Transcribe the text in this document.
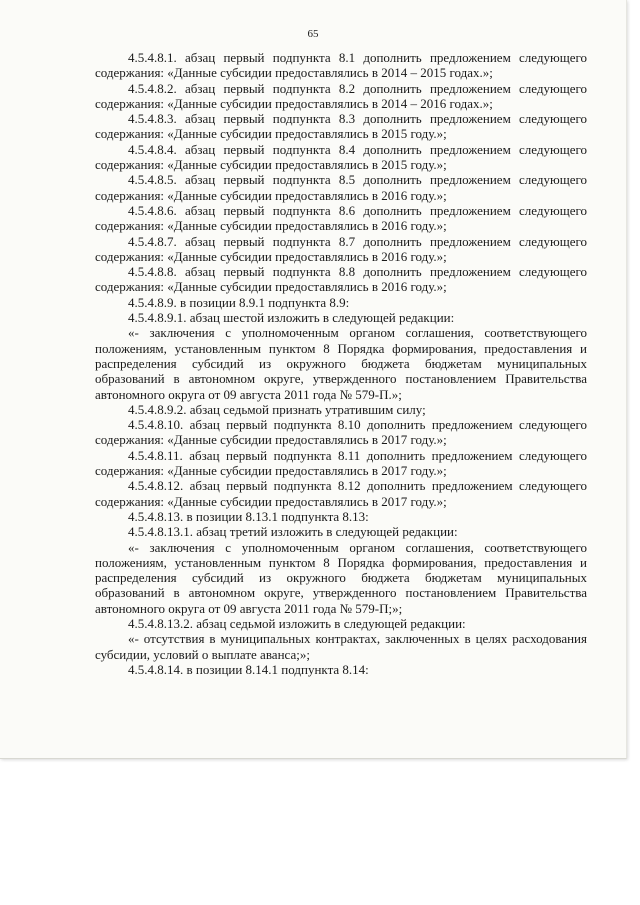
65

4.5.4.8.1. абзац первый подпункта 8.1 дополнить предложением следующего содержания: «Данные субсидии предоставлялись в 2014 – 2015 годах.»;

4.5.4.8.2. абзац первый подпункта 8.2 дополнить предложением следующего содержания: «Данные субсидии предоставлялись в 2014 – 2016 годах.»;

4.5.4.8.3. абзац первый подпункта 8.3 дополнить предложением следующего содержания: «Данные субсидии предоставлялись в 2015 году.»;

4.5.4.8.4. абзац первый подпункта 8.4 дополнить предложением следующего содержания: «Данные субсидии предоставлялись в 2015 году.»;

4.5.4.8.5. абзац первый подпункта 8.5 дополнить предложением следующего содержания: «Данные субсидии предоставлялись в 2016 году.»;

4.5.4.8.6. абзац первый подпункта 8.6 дополнить предложением следующего содержания: «Данные субсидии предоставлялись в 2016 году.»;

4.5.4.8.7. абзац первый подпункта 8.7 дополнить предложением следующего содержания: «Данные субсидии предоставлялись в 2016 году.»;

4.5.4.8.8. абзац первый подпункта 8.8 дополнить предложением следующего содержания: «Данные субсидии предоставлялись в 2016 году.»;

4.5.4.8.9. в позиции 8.9.1 подпункта 8.9:

4.5.4.8.9.1. абзац шестой изложить в следующей редакции:

«- заключения с уполномоченным органом соглашения, соответствующего положениям, установленным пунктом 8 Порядка формирования, предоставления и распределения субсидий из окружного бюджета бюджетам муниципальных образований в автономном округе, утвержденного постановлением Правительства автономного округа от 09 августа 2011 года № 579-П.»;

4.5.4.8.9.2. абзац седьмой признать утратившим силу;

4.5.4.8.10. абзац первый подпункта 8.10 дополнить предложением следующего содержания: «Данные субсидии предоставлялись в 2017 году.»;

4.5.4.8.11. абзац первый подпункта 8.11 дополнить предложением следующего содержания: «Данные субсидии предоставлялись в 2017 году.»;

4.5.4.8.12. абзац первый подпункта 8.12 дополнить предложением следующего содержания: «Данные субсидии предоставлялись в 2017 году.»;

4.5.4.8.13. в позиции 8.13.1 подпункта 8.13:

4.5.4.8.13.1. абзац третий изложить в следующей редакции:

«- заключения с уполномоченным органом соглашения, соответствующего положениям, установленным пунктом 8 Порядка формирования, предоставления и распределения субсидий из окружного бюджета бюджетам муниципальных образований в автономном округе, утвержденного постановлением Правительства автономного округа от 09 августа 2011 года № 579-П;»;

4.5.4.8.13.2. абзац седьмой изложить в следующей редакции:

«- отсутствия в муниципальных контрактах, заключенных в целях расходования субсидии, условий о выплате аванса;»;

4.5.4.8.14. в позиции 8.14.1 подпункта 8.14:
